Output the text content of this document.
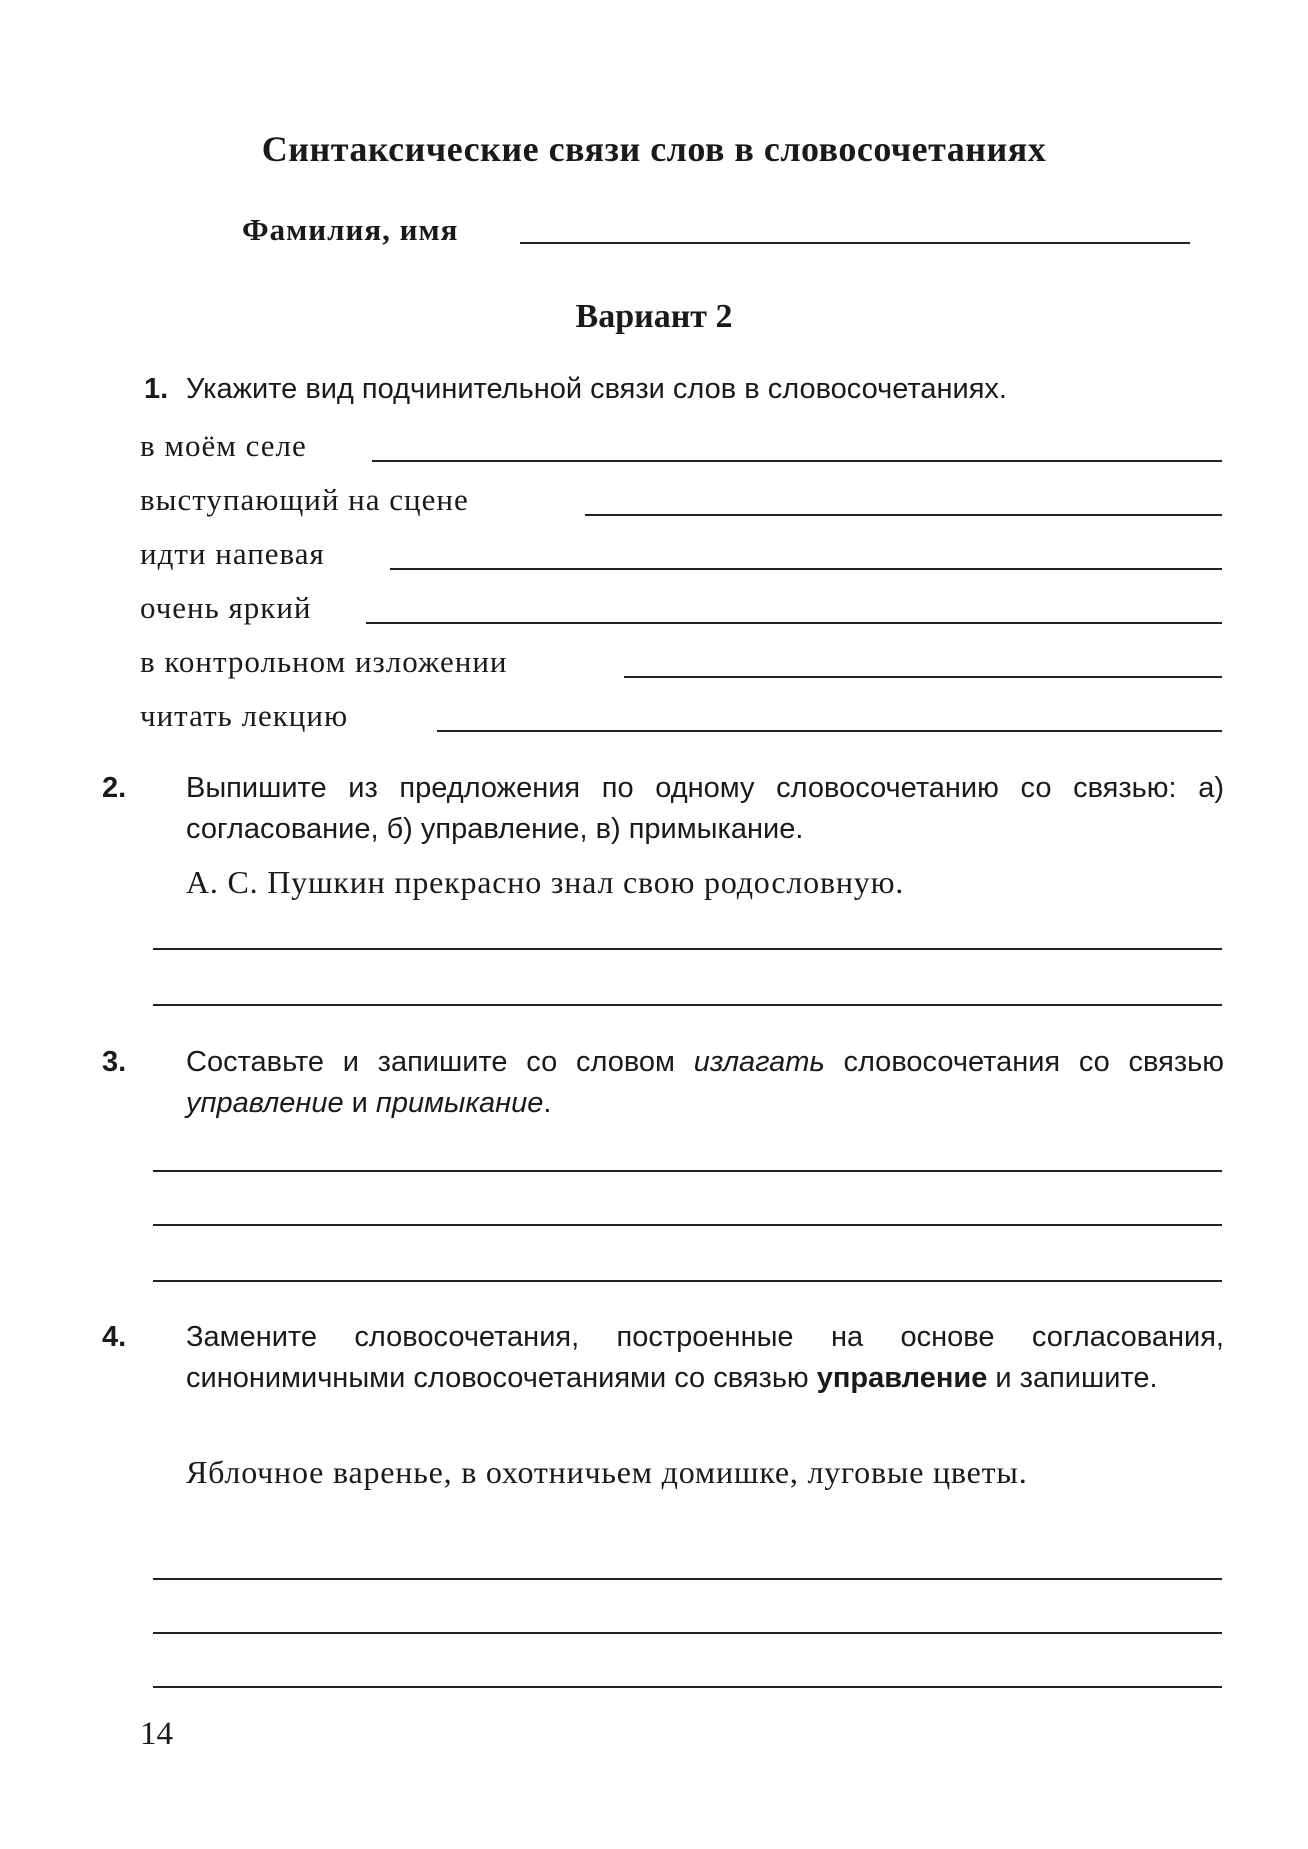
Синтаксические связи слов в словосочетаниях
Фамилия, имя
Вариант 2
1. Укажите вид подчинительной связи слов в словосочетаниях.
в моём селе
выступающий на сцене
идти напевая
очень яркий
в контрольном изложении
читать лекцию
2. Выпишите из предложения по одному словосочетанию со связью: а) согласование, б) управление, в) примыкание.
А. С. Пушкин прекрасно знал свою родословную.
3. Составьте и запишите со словом излагать словосочетания со связью управление и примыкание.
4. Замените словосочетания, построенные на основе согласования, синонимичными словосочетаниями со связью управление и запишите.
Яблочное варенье, в охотничьем домишке, луговые цветы.
14
